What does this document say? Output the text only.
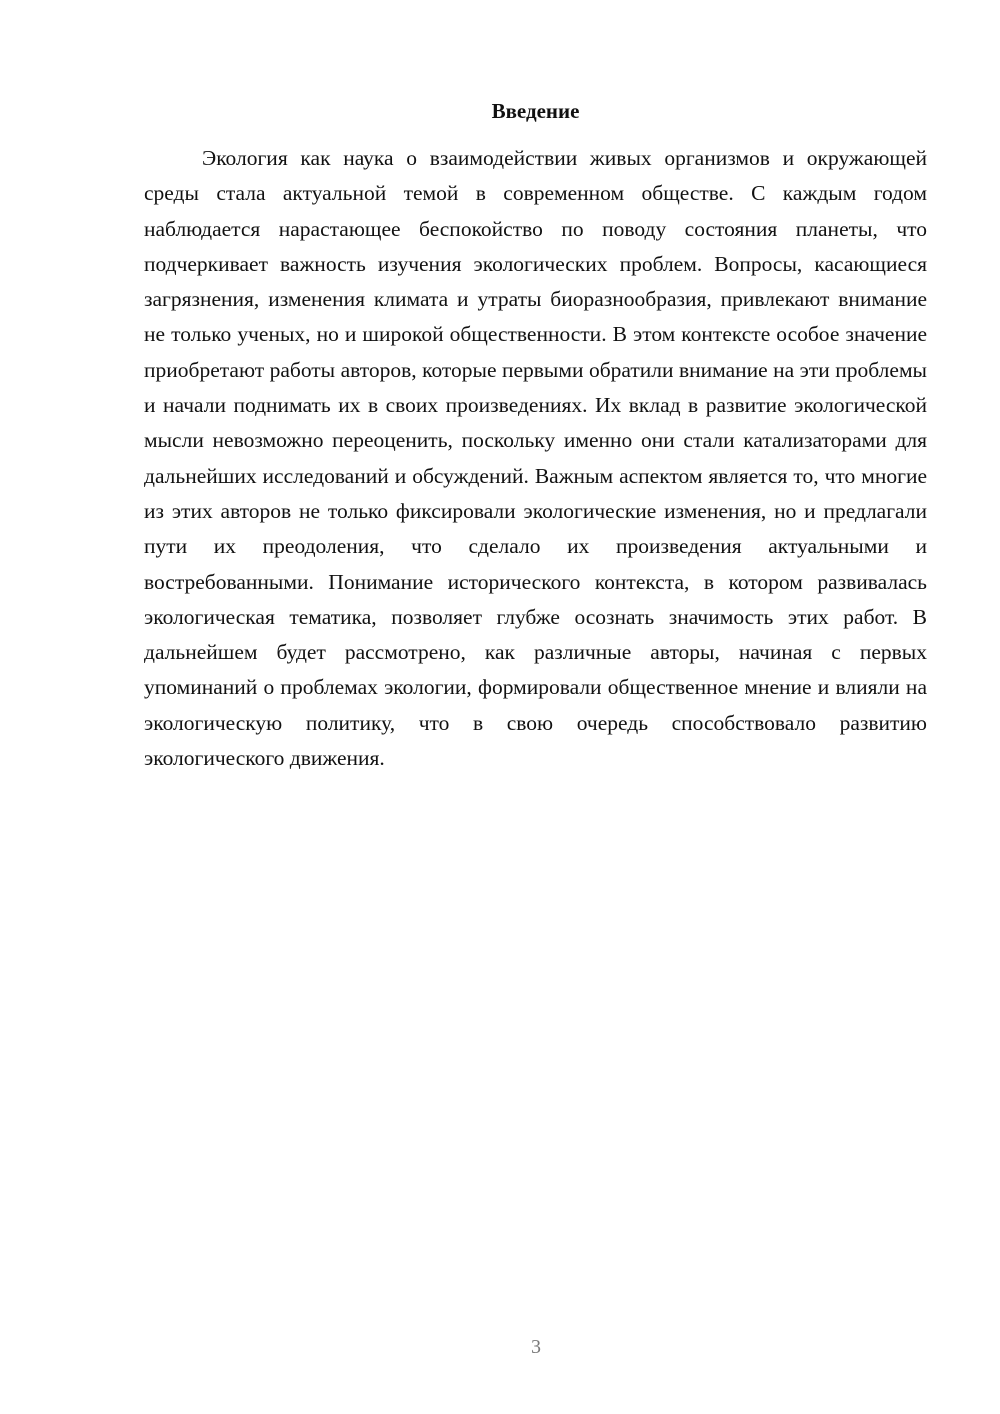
Введение

Экология как наука о взаимодействии живых организмов и окружающей среды стала актуальной темой в современном обществе. С каждым годом наблюдается нарастающее беспокойство по поводу состояния планеты, что подчеркивает важность изучения экологических проблем. Вопросы, касающиеся загрязнения, изменения климата и утраты биоразнообразия, привлекают внимание не только ученых, но и широкой общественности. В этом контексте особое значение приобретают работы авторов, которые первыми обратили внимание на эти проблемы и начали поднимать их в своих произведениях. Их вклад в развитие экологической мысли невозможно переоценить, поскольку именно они стали катализаторами для дальнейших исследований и обсуждений. Важным аспектом является то, что многие из этих авторов не только фиксировали экологические изменения, но и предлагали пути их преодоления, что сделало их произведения актуальными и востребованными. Понимание исторического контекста, в котором развивалась экологическая тематика, позволяет глубже осознать значимость этих работ. В дальнейшем будет рассмотрено, как различные авторы, начиная с первых упоминаний о проблемах экологии, формировали общественное мнение и влияли на экологическую политику, что в свою очередь способствовало развитию экологического движения.

3
